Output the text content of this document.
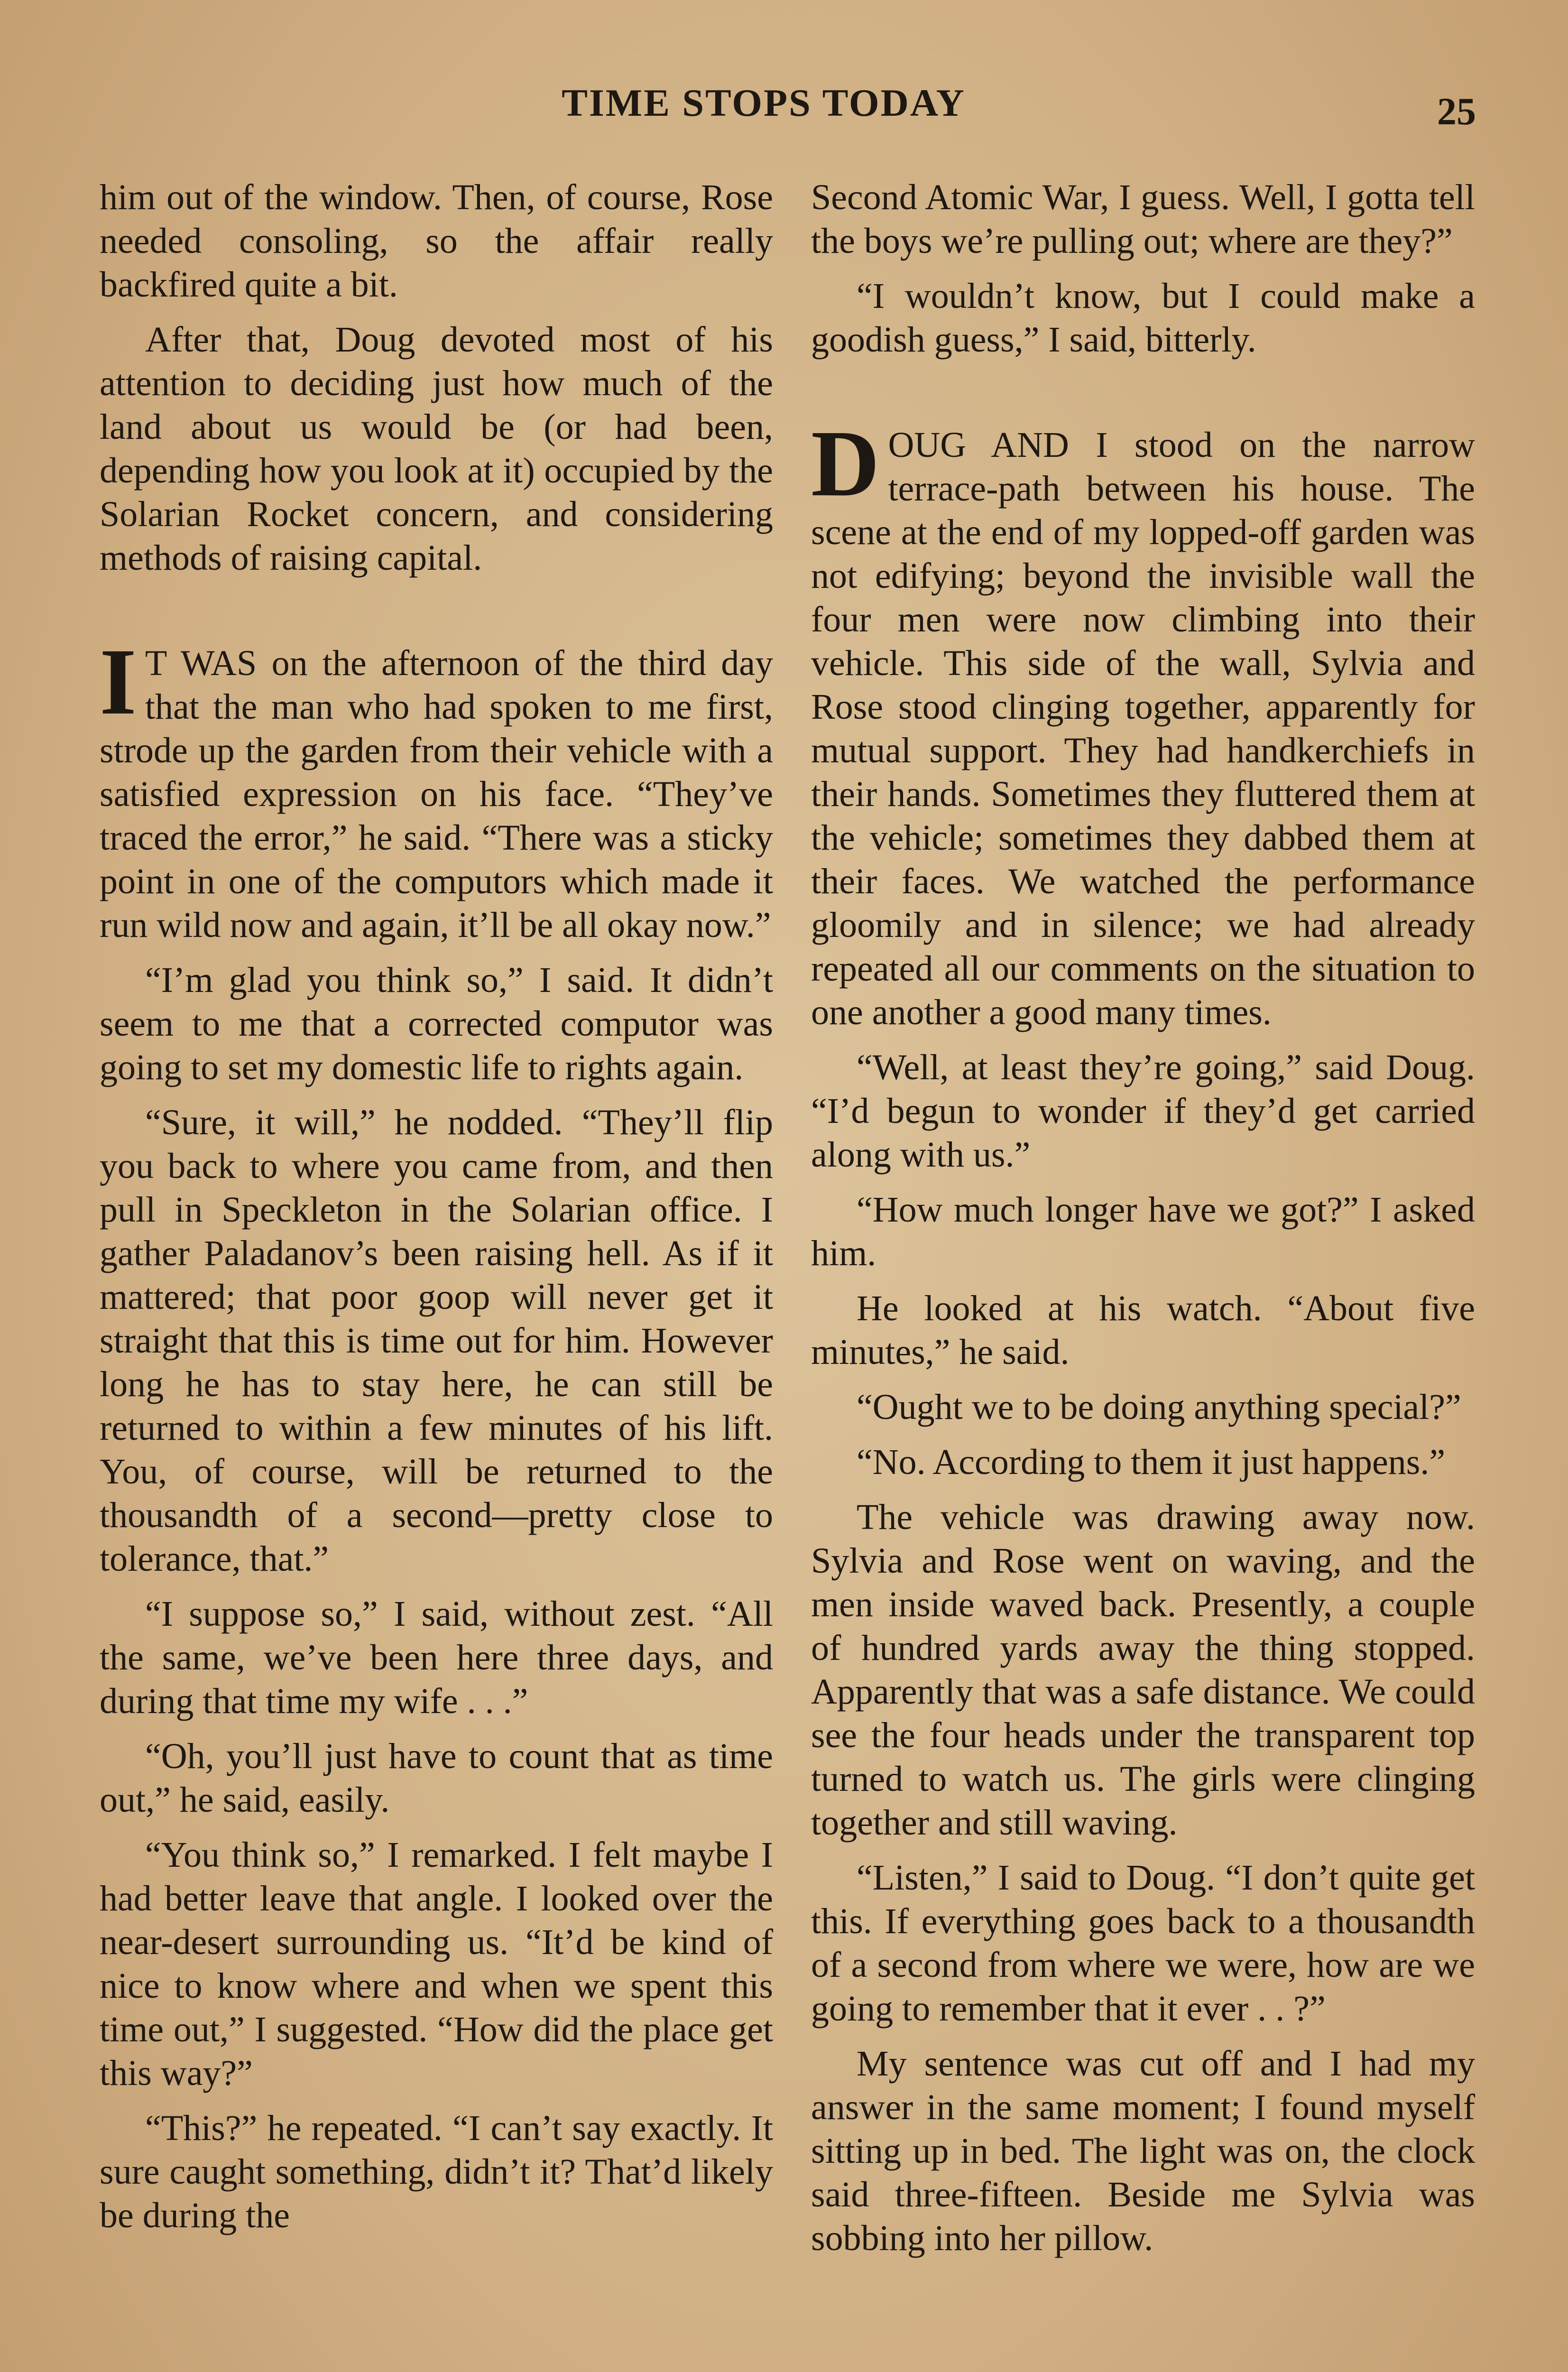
TIME STOPS TODAY	25

him out of the window. Then, of course, Rose needed consoling, so the affair really backfired quite a bit.

After that, Doug devoted most of his attention to deciding just how much of the land about us would be (or had been, depending how you look at it) occupied by the Solarian Rocket concern, and considering methods of raising capital.

I T WAS on the afternoon of the third day that the man who had spoken to me first, strode up the garden from their vehicle with a satisfied expression on his face. “They’ve traced the error,” he said. “There was a sticky point in one of the computors which made it run wild now and again, it’ll be all okay now.”

“I’m glad you think so,” I said. It didn’t seem to me that a corrected computor was going to set my domestic life to rights again.

“Sure, it will,” he nodded. “They’ll flip you back to where you came from, and then pull in Speckleton in the Solarian office. I gather Paladanov’s been raising hell. As if it mattered; that poor goop will never get it straight that this is time out for him. However long he has to stay here, he can still be returned to within a few minutes of his lift. You, of course, will be returned to the thousandth of a second—pretty close to tolerance, that.”

“I suppose so,” I said, without zest. “All the same, we’ve been here three days, and during that time my wife . . .”

“Oh, you’ll just have to count that as time out,” he said, easily.

“You think so,” I remarked. I felt maybe I had better leave that angle. I looked over the near-desert surrounding us. “It’d be kind of nice to know where and when we spent this time out,” I suggested. “How did the place get this way?”

“This?” he repeated. “I can’t say exactly. It sure caught something, didn’t it? That’d likely be during the

Second Atomic War, I guess. Well, I gotta tell the boys we’re pulling out; where are they?”

“I wouldn’t know, but I could make a goodish guess,” I said, bitterly.

DOUG AND I stood on the narrow terrace-path between his house. The scene at the end of my lopped-off garden was not edifying; beyond the invisible wall the four men were now climbing into their vehicle. This side of the wall, Sylvia and Rose stood clinging together, apparently for mutual support. They had handkerchiefs in their hands. Sometimes they fluttered them at the vehicle; sometimes they dabbed them at their faces. We watched the performance gloomily and in silence; we had already repeated all our comments on the situation to one another a good many times.

“Well, at least they’re going,” said Doug. “I’d begun to wonder if they’d get carried along with us.”

“How much longer have we got?” I asked him.

He looked at his watch. “About five minutes,” he said.

“Ought we to be doing anything special?”

“No. According to them it just happens.”

The vehicle was drawing away now. Sylvia and Rose went on waving, and the men inside waved back. Presently, a couple of hundred yards away the thing stopped. Apparently that was a safe distance. We could see the four heads under the transparent top turned to watch us. The girls were clinging together and still waving.

“Listen,” I said to Doug. “I don’t quite get this. If everything goes back to a thousandth of a second from where we were, how are we going to remember that it ever . . ?”

My sentence was cut off and I had my answer in the same moment; I found myself sitting up in bed. The light was on, the clock said three-fifteen. Beside me Sylvia was sobbing into her pillow.
